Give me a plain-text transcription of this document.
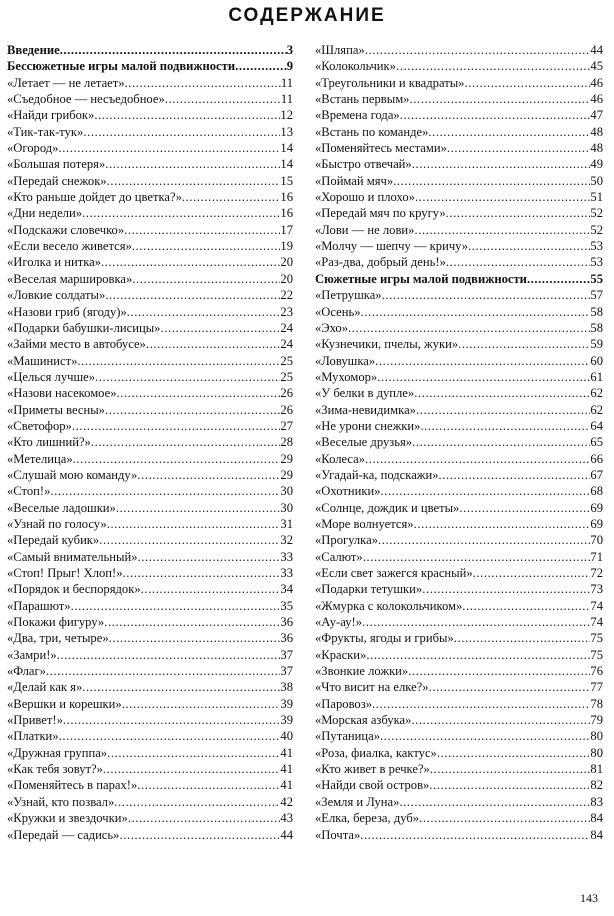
СОДЕРЖАНИЕ
Введение .....	3
Бессюжетные игры малой подвижности .....	9
«Летает — не летает» .....	11
«Съедобное — несъедобное» .....	11
«Найди грибок» .....	12
«Тик-так-тук» .....	13
«Огород» .....	14
«Большая потеря» .....	14
«Передай снежок» .....	15
«Кто раньше дойдет до цветка?» .....	16
«Дни недели» .....	16
«Подскажи словечко» .....	17
«Если весело живется» .....	19
«Иголка и нитка» .....	20
«Веселая маршировка» .....	20
«Ловкие солдаты» .....	22
«Назови гриб (ягоду)» .....	23
«Подарки бабушки-лисицы» .....	24
«Займи место в автобусе» .....	24
«Машинист» .....	25
«Целься лучше» .....	25
«Назови насекомое» .....	26
«Приметы весны» .....	26
«Светофор» .....	27
«Кто лишний?» .....	28
«Метелица» .....	29
«Слушай мою команду» .....	29
«Стоп!» .....	30
«Веселые ладошки» .....	30
«Узнай по голосу» .....	31
«Передай кубик» .....	32
«Самый внимательный» .....	33
«Стоп! Прыг! Хлоп!» .....	33
«Порядок и беспорядок» .....	34
«Парашют» .....	35
«Покажи фигуру» .....	36
«Два, три, четыре» .....	36
«Замри!» .....	37
«Флаг» .....	37
«Делай как я» .....	38
«Вершки и корешки» .....	39
«Привет!» .....	39
«Платки» .....	40
«Дружная группа» .....	41
«Как тебя зовут?» .....	41
«Поменяйтесь в парах!» .....	41
«Узнай, кто позвал» .....	42
«Кружки и звездочки» .....	43
«Передай — садись» .....	44
«Шляпа» .....	44
«Колокольчик» .....	45
«Треугольники и квадраты» .....	46
«Встань первым» .....	46
«Времена года» .....	47
«Встань по команде» .....	48
«Поменяйтесь местами» .....	48
«Быстро отвечай» .....	49
«Поймай мяч» .....	50
«Хорошо и плохо» .....	51
«Передай мяч по кругу» .....	52
«Лови — не лови» .....	52
«Молчу — шепчу — кричу» .....	53
«Раз-два, добрый день!» .....	53
Сюжетные игры малой подвижности .....	55
«Петрушка» .....	57
«Осень» .....	58
«Эхо» .....	58
«Кузнечики, пчелы, жуки» .....	59
«Ловушка» .....	60
«Мухомор» .....	61
«У белки в дупле» .....	62
«Зима-невидимка» .....	62
«Не урони снежки» .....	64
«Веселые друзья» .....	65
«Колеса» .....	66
«Угадай-ка, подскажи» .....	67
«Охотники» .....	68
«Солнце, дождик и цветы» .....	69
«Море волнуется» .....	69
«Прогулка» .....	70
«Салют» .....	71
«Если свет зажегся красный» .....	72
«Подарки тетушки» .....	73
«Жмурка с колокольчиком» .....	74
«Ау-ау!» .....	74
«Фрукты, ягоды и грибы» .....	75
«Краски» .....	75
«Звонкие ложки» .....	76
«Что висит на елке?» .....	77
«Паровоз» .....	78
«Морская азбука» .....	79
«Путаница» .....	80
«Роза, фиалка, кактус» .....	80
«Кто живет в речке?» .....	81
«Найди свой остров» .....	82
«Земля и Луна» .....	83
«Елка, береза, дуб» .....	84
«Почта» .....	84
143
